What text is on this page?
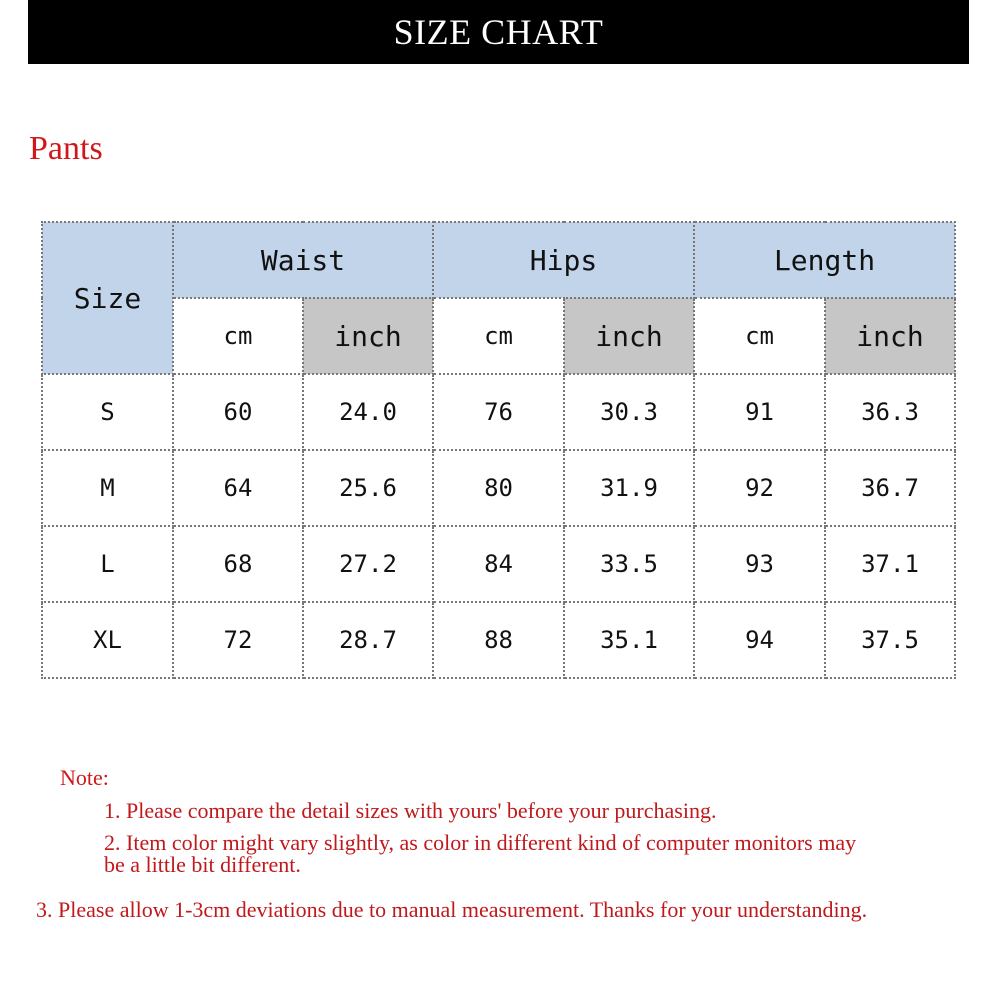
SIZE CHART
Pants
Size	Waist		Hips		Length	
	cm	inch	cm	inch	cm	inch
S	60	24.0	76	30.3	91	36.3
M	64	25.6	80	31.9	92	36.7
L	68	27.2	84	33.5	93	37.1
XL	72	28.7	88	35.1	94	37.5
Note:
1. Please compare the detail sizes with yours' before your purchasing.
2. Item color might vary slightly, as color in different kind of computer monitors may be a little bit different.
3. Please allow 1-3cm deviations due to manual measurement. Thanks for your understanding.
